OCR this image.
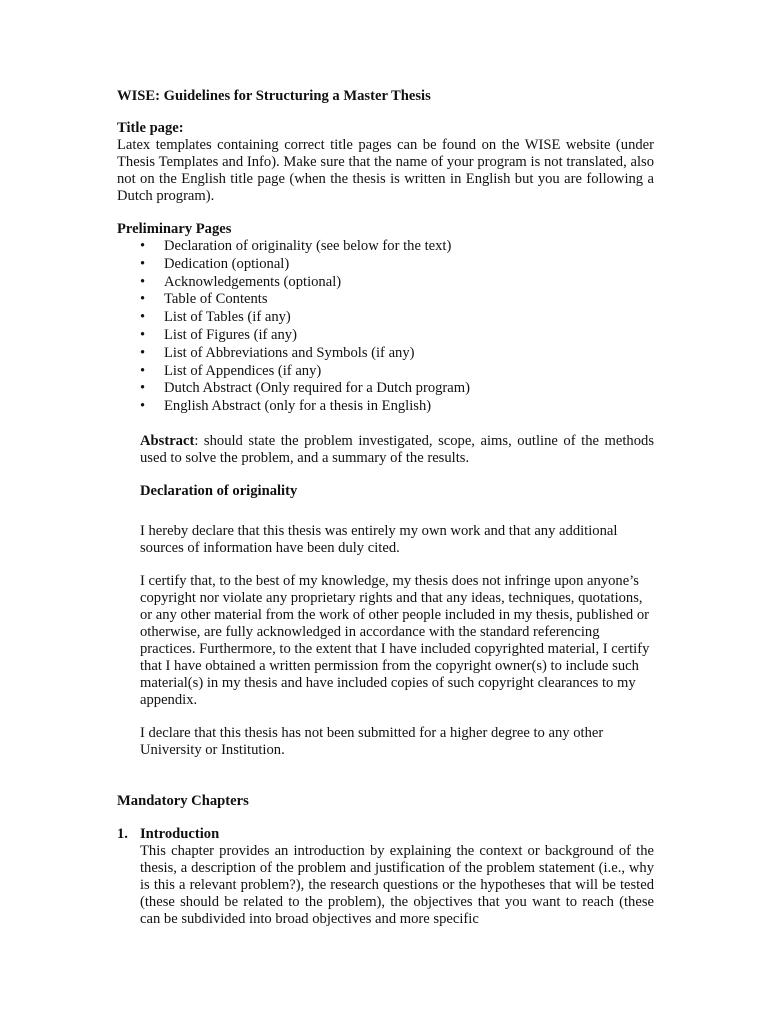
WISE: Guidelines for Structuring a Master Thesis

Title page:

Latex templates containing correct title pages can be found on the WISE website (under Thesis Templates and Info). Make sure that the name of your program is not translated, also not on the English title page (when the thesis is written in English but you are following a Dutch program).

Preliminary Pages

•	Declaration of originality (see below for the text)
•	Dedication (optional)
•	Acknowledgements (optional)
•	Table of Contents
•	List of Tables (if any)
•	List of Figures (if any)
•	List of Abbreviations and Symbols (if any)
•	List of Appendices (if any)
•	Dutch Abstract (Only required for a Dutch program)
•	English Abstract (only for a thesis in English)

Abstract: should state the problem investigated, scope, aims, outline of the methods used to solve the problem, and a summary of the results.

Declaration of originality

I hereby declare that this thesis was entirely my own work and that any additional sources of information have been duly cited.

I certify that, to the best of my knowledge, my thesis does not infringe upon anyone’s copyright nor violate any proprietary rights and that any ideas, techniques, quotations, or any other material from the work of other people included in my thesis, published or otherwise, are fully acknowledged in accordance with the standard referencing practices. Furthermore, to the extent that I have included copyrighted material, I certify that I have obtained a written permission from the copyright owner(s) to include such material(s) in my thesis and have included copies of such copyright clearances to my appendix.

I declare that this thesis has not been submitted for a higher degree to any other University or Institution.

Mandatory Chapters

1. Introduction

This chapter provides an introduction by explaining the context or background of the thesis, a description of the problem and justification of the problem statement (i.e., why is this a relevant problem?), the research questions or the hypotheses that will be tested (these should be related to the problem), the objectives that you want to reach (these can be subdivided into broad objectives and more specific
